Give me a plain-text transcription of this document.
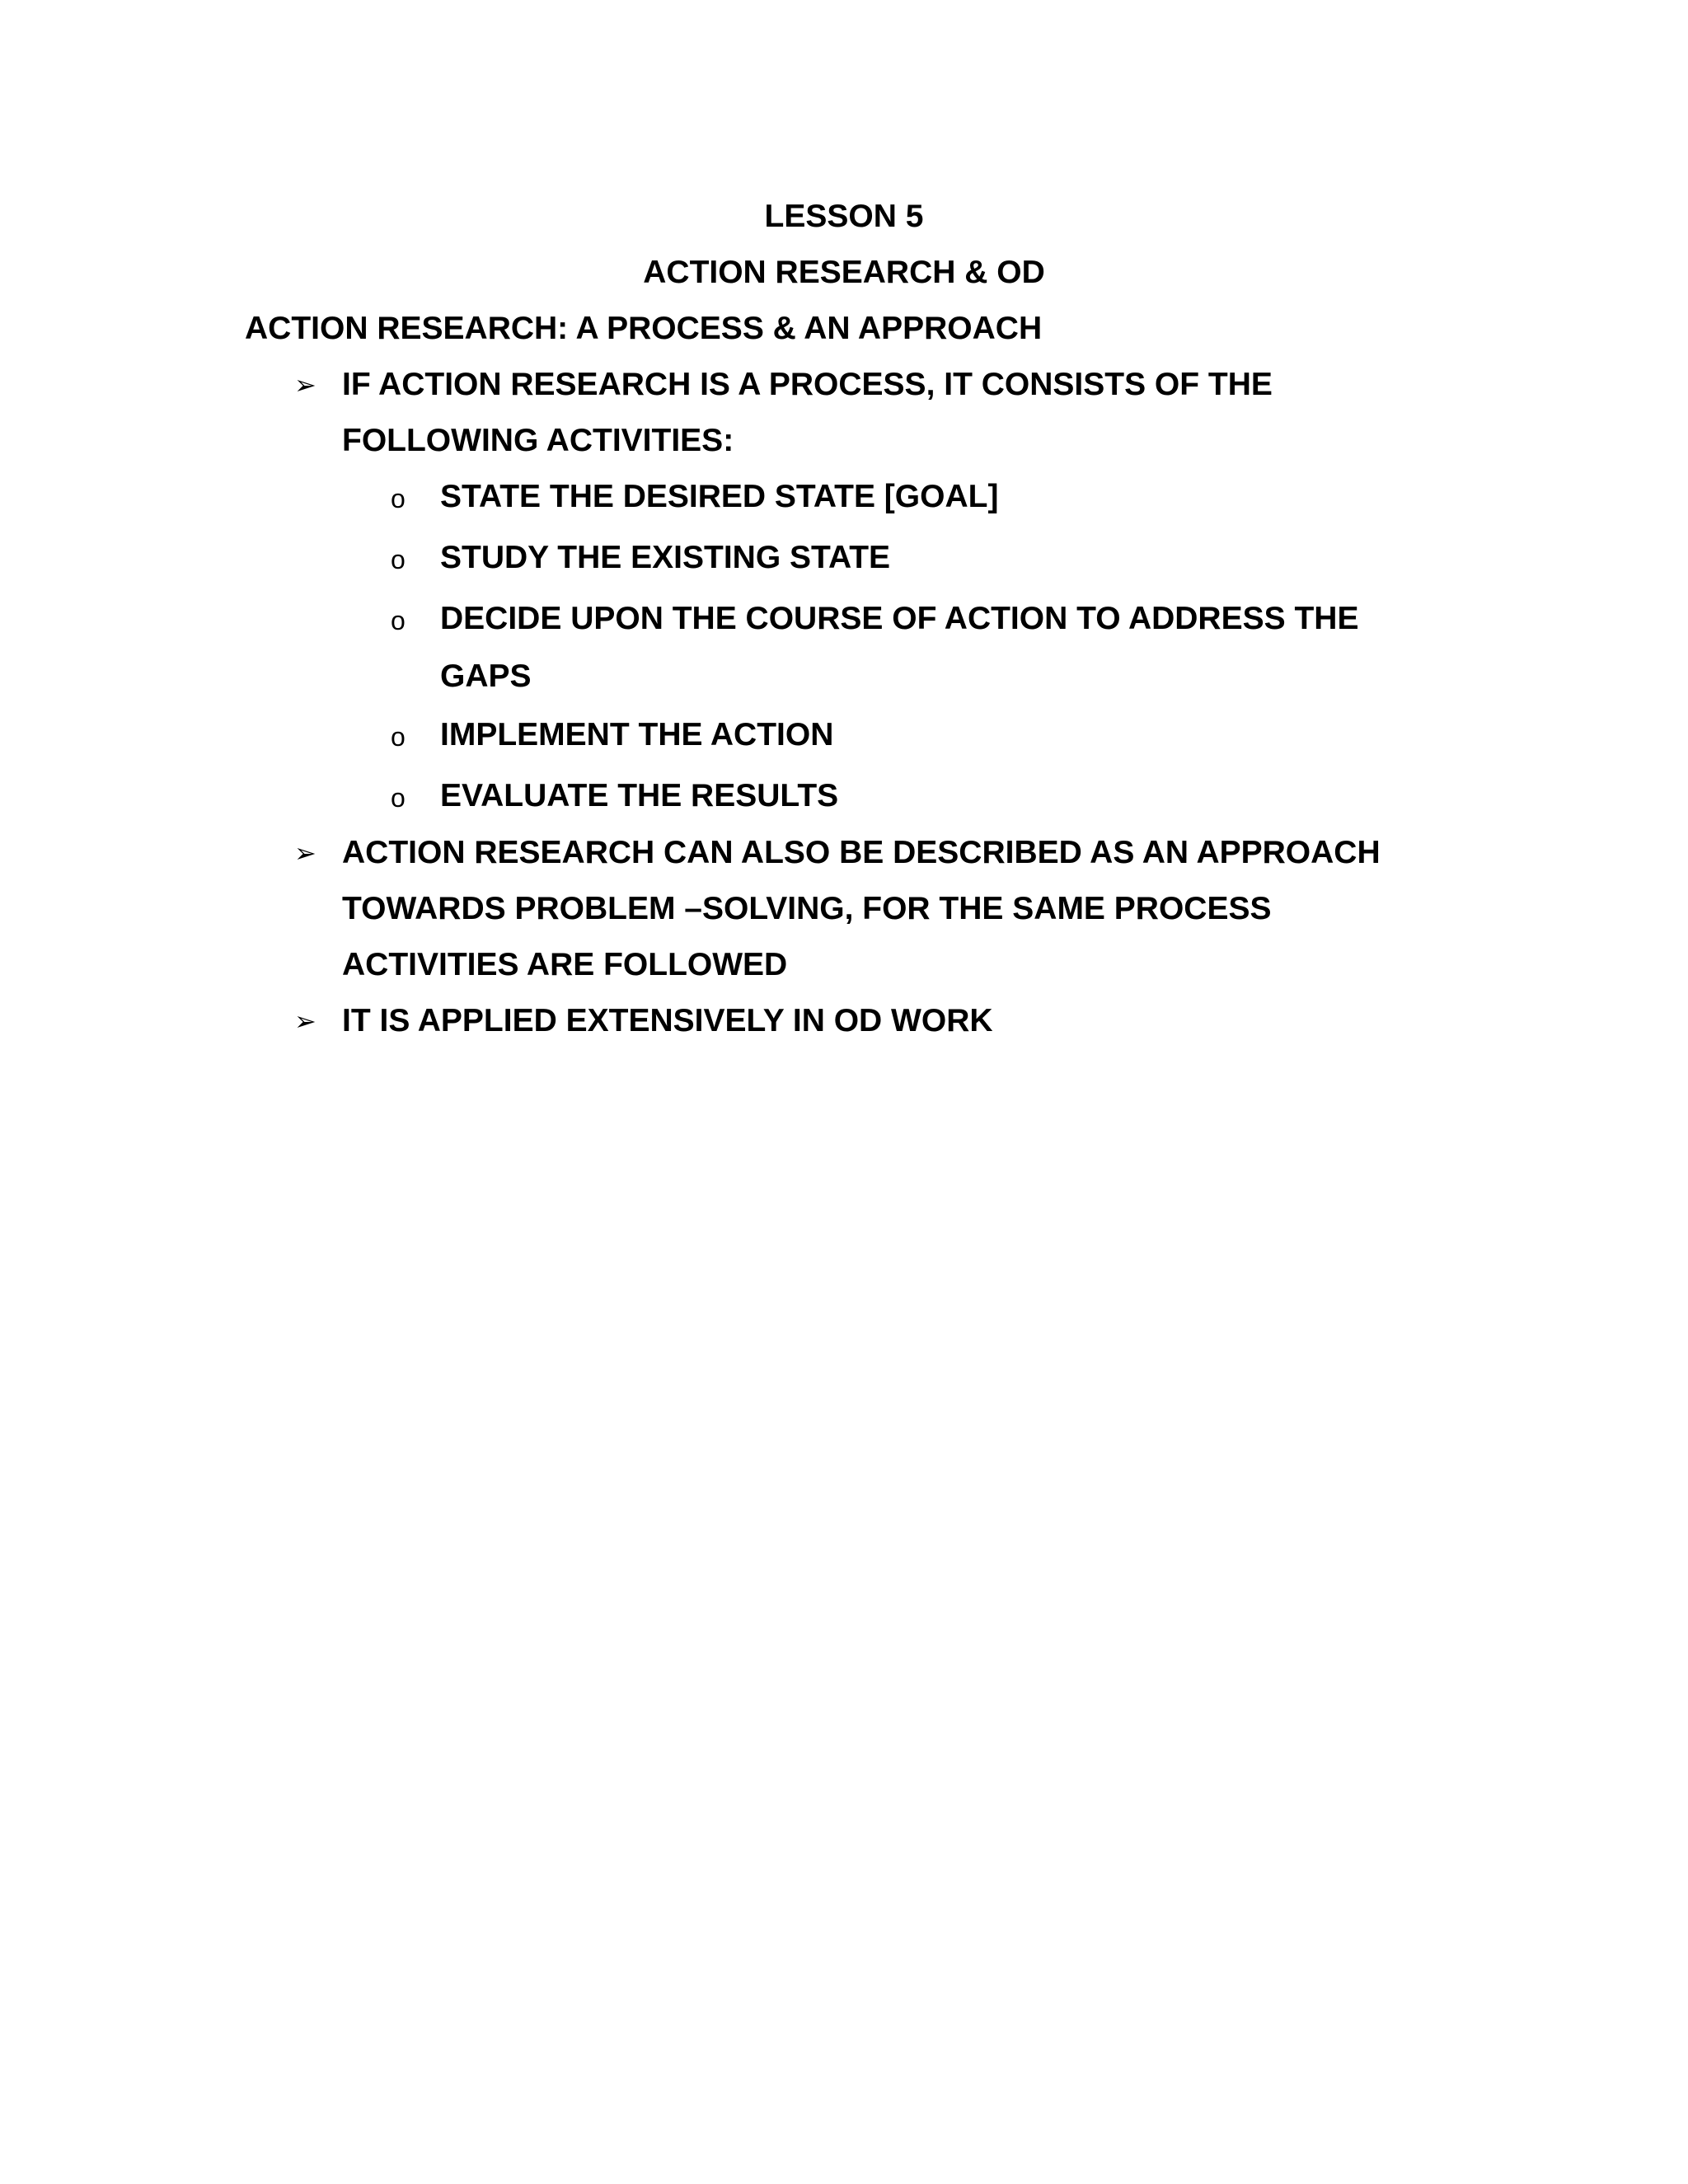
LESSON 5
ACTION RESEARCH & OD
ACTION RESEARCH: A PROCESS & AN APPROACH
➢ IF ACTION RESEARCH IS A PROCESS, IT CONSISTS OF THE
FOLLOWING ACTIVITIES:
o STATE THE DESIRED STATE [GOAL]
o STUDY THE EXISTING STATE
o DECIDE UPON THE COURSE OF ACTION TO ADDRESS THE
GAPS
o IMPLEMENT THE ACTION
o EVALUATE THE RESULTS
➢ ACTION RESEARCH CAN ALSO BE DESCRIBED AS AN APPROACH
TOWARDS PROBLEM –SOLVING, FOR THE SAME PROCESS
ACTIVITIES ARE FOLLOWED
➢ IT IS APPLIED EXTENSIVELY IN OD WORK
